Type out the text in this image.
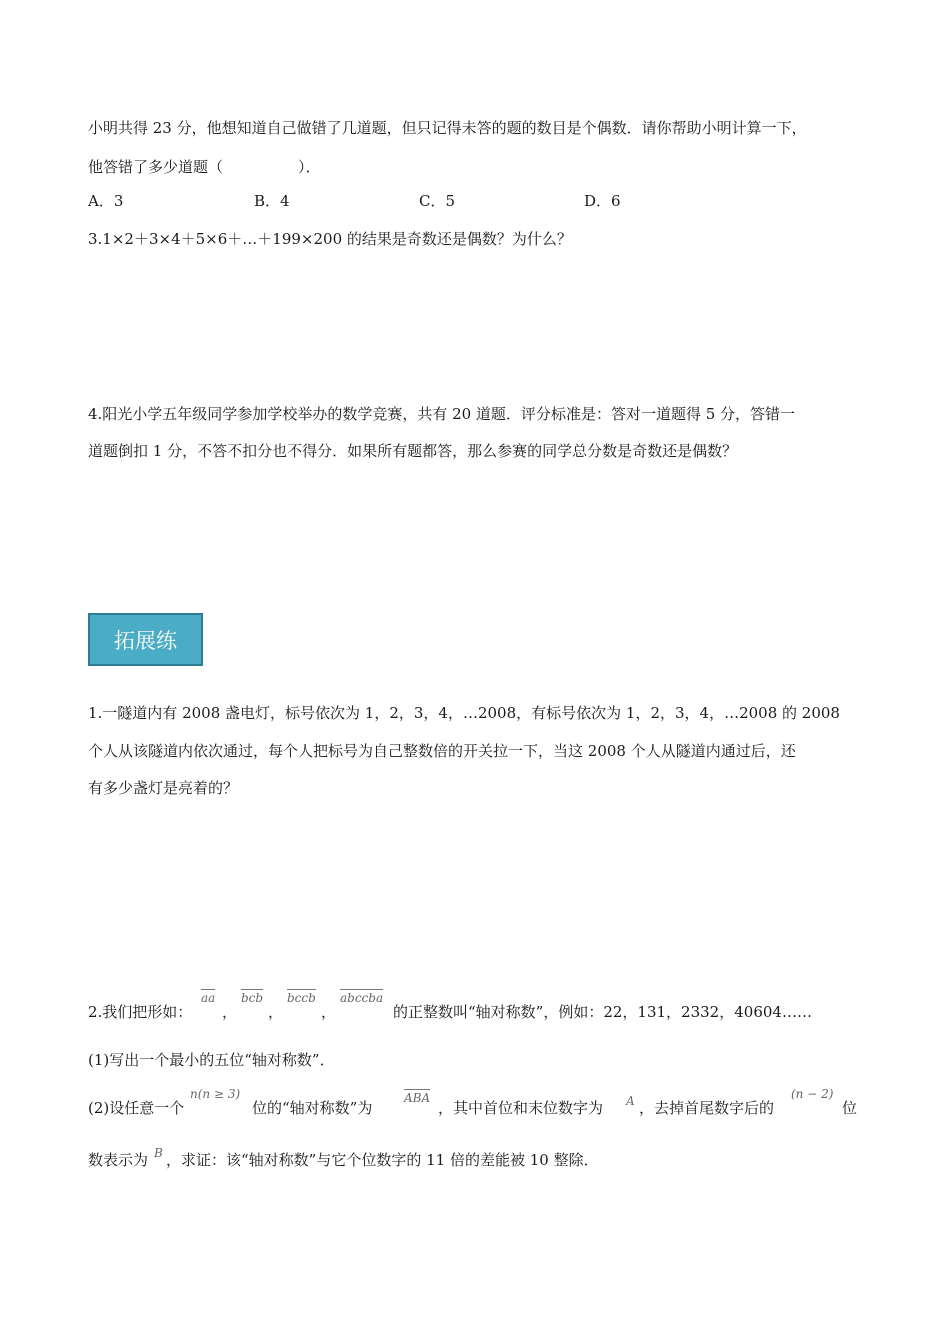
小明共得 23 分，他想知道自己做错了几道题，但只记得未答的题的数目是个偶数．请你帮助小明计算一下，
他答错了多少道题（　　　　　）．
A．3	B．4	C．5	D．6
3.1×2＋3×4＋5×6＋…＋199×200 的结果是奇数还是偶数？为什么？
4.阳光小学五年级同学参加学校举办的数学竞赛，共有 20 道题．评分标准是：答对一道题得 5 分，答错一
道题倒扣 1 分，不答不扣分也不得分．如果所有题都答，那么参赛的同学总分数是奇数还是偶数？
拓展练
1.一隧道内有 2008 盏电灯，标号依次为 1，2，3，4，…2008，有标号依次为 1，2，3，4，…2008 的 2008
个人从该隧道内依次通过，每个人把标号为自己整数倍的开关拉一下，当这 2008 个人从隧道内通过后，还
有多少盏灯是亮着的？
2.我们把形如：
aa
，
bcb
，
bccb
，
abccba
的正整数叫“轴对称数”，例如：22，131，2332，40604……
(1)写出一个最小的五位“轴对称数”．
(2)设任意一个
n(n ≥ 3)
位的“轴对称数”为
ABA
，其中首位和末位数字为 A ，去掉首尾数字后的
(n − 2)
位
数表示为 B ，求证：该“轴对称数”与它个位数字的 11 倍的差能被 10 整除．
